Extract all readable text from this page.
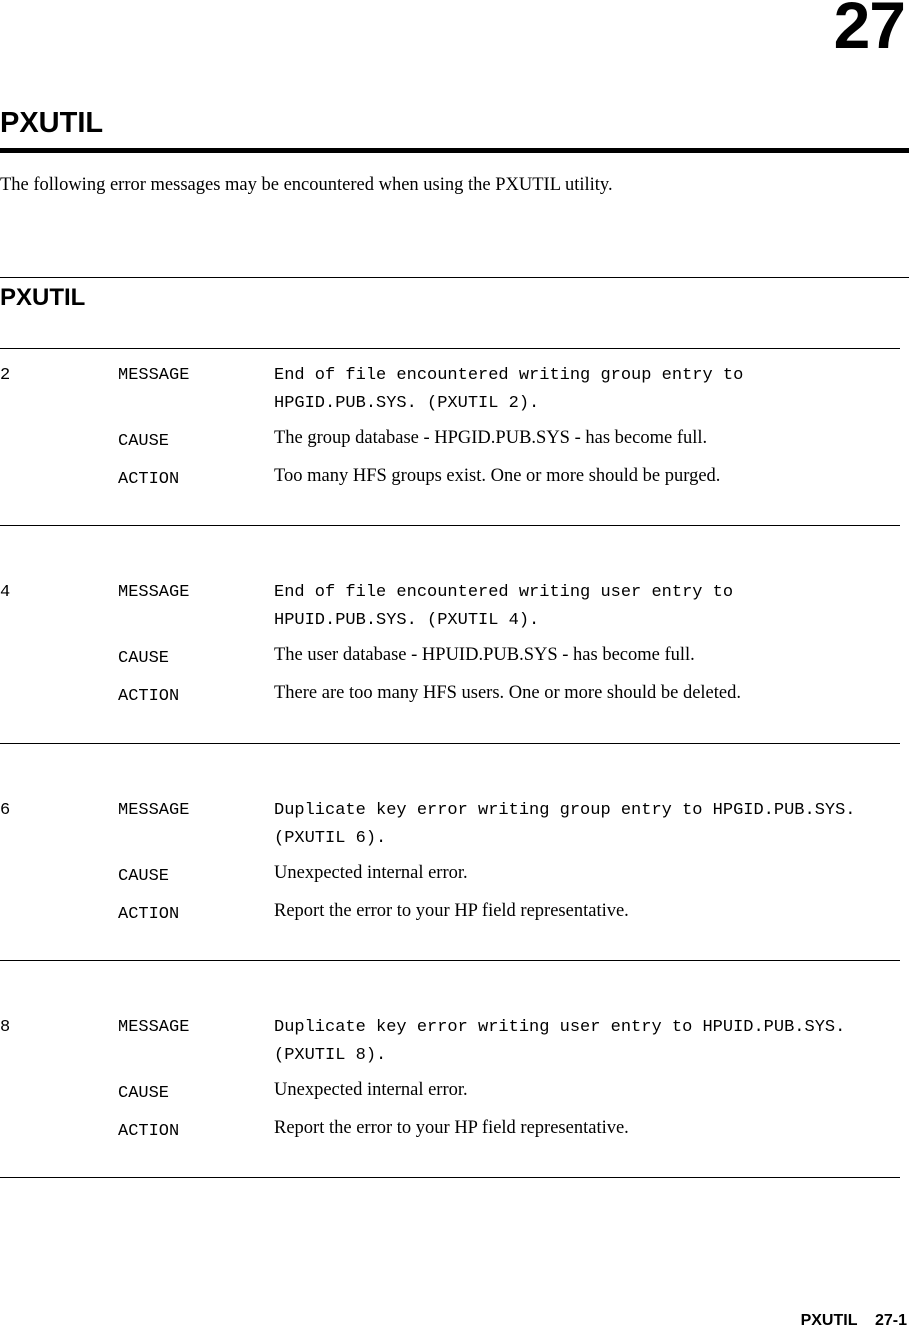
27
PXUTIL
The following error messages may be encountered when using the PXUTIL utility.
PXUTIL
2	MESSAGE	End of file encountered writing group entry to
HPGID.PUB.SYS. (PXUTIL 2).
CAUSE	The group database - HPGID.PUB.SYS - has become full.
ACTION	Too many HFS groups exist. One or more should be purged.
4	MESSAGE	End of file encountered writing user entry to
HPUID.PUB.SYS. (PXUTIL 4).
CAUSE	The user database - HPUID.PUB.SYS - has become full.
ACTION	There are too many HFS users. One or more should be deleted.
6	MESSAGE	Duplicate key error writing group entry to HPGID.PUB.SYS.
(PXUTIL 6).
CAUSE	Unexpected internal error.
ACTION	Report the error to your HP field representative.
8	MESSAGE	Duplicate key error writing user entry to HPUID.PUB.SYS.
(PXUTIL 8).
CAUSE	Unexpected internal error.
ACTION	Report the error to your HP field representative.
PXUTIL 27-1
